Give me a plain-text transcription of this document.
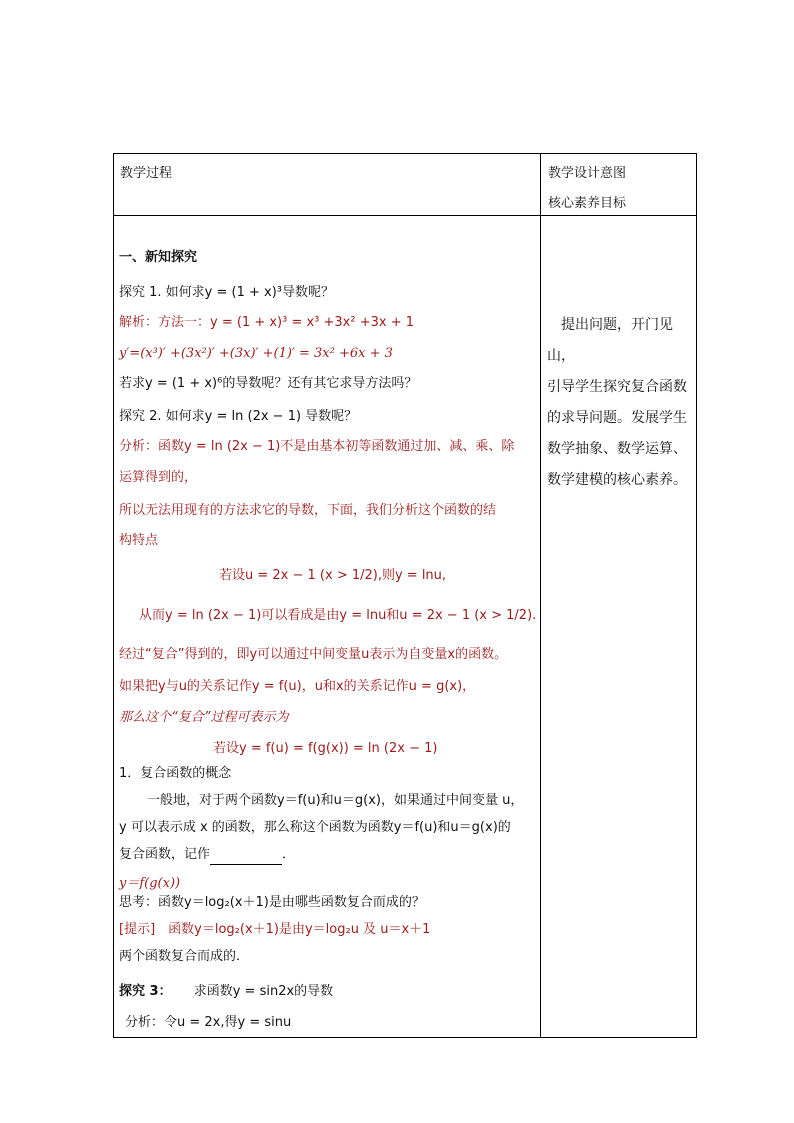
教学过程	教学设计意图
核心素养目标
　提出问题，开门见山，
引导学生探究复合函数
的求导问题。发展学生
数学抽象、数学运算、
数学建模的核心素养。
一、新知探究
探究 1. 如何求y = (1 + x)³导数呢？
解析：方法一：y = (1 + x)³ = x³ +3x² +3x + 1
y′=(x³)′ +(3x²)′ +(3x)′ +(1)′ = 3x² +6x + 3
若求y = (1 + x)⁶的导数呢？还有其它求导方法吗？
探究 2. 如何求y = ln (2x − 1) 导数呢？
分析：函数y = ln (2x − 1)不是由基本初等函数通过加、减、乘、除
运算得到的，
所以无法用现有的方法求它的导数，下面，我们分析这个函数的结
构特点
若设u = 2x − 1 (x > 1/2),则y = lnu,
从而y = ln (2x − 1)可以看成是由y = lnu和u = 2x − 1 (x > 1/2).
经过“复合”得到的，即y可以通过中间变量u表示为自变量x的函数。
如果把y与u的关系记作y = f(u)，u和x的关系记作u = g(x)，
那么这个“复合”过程可表示为
若设y = f(u) = f(g(x)) = ln (2x − 1)
1．复合函数的概念
一般地，对于两个函数y＝f(u)和u＝g(x)，如果通过中间变量 u，
y 可以表示成 x 的函数，那么称这个函数为函数y＝f(u)和u＝g(x)的
复合函数，记作	．
y＝f(g(x))
思考：函数y＝log₂(x＋1)是由哪些函数复合而成的？
[提示]　函数y＝log₂(x＋1)是由y＝log₂u 及 u＝x＋1
两个函数复合而成的．
探究 3： 求函数y = sin2x的导数
分析：令u = 2x,得y = sinu
